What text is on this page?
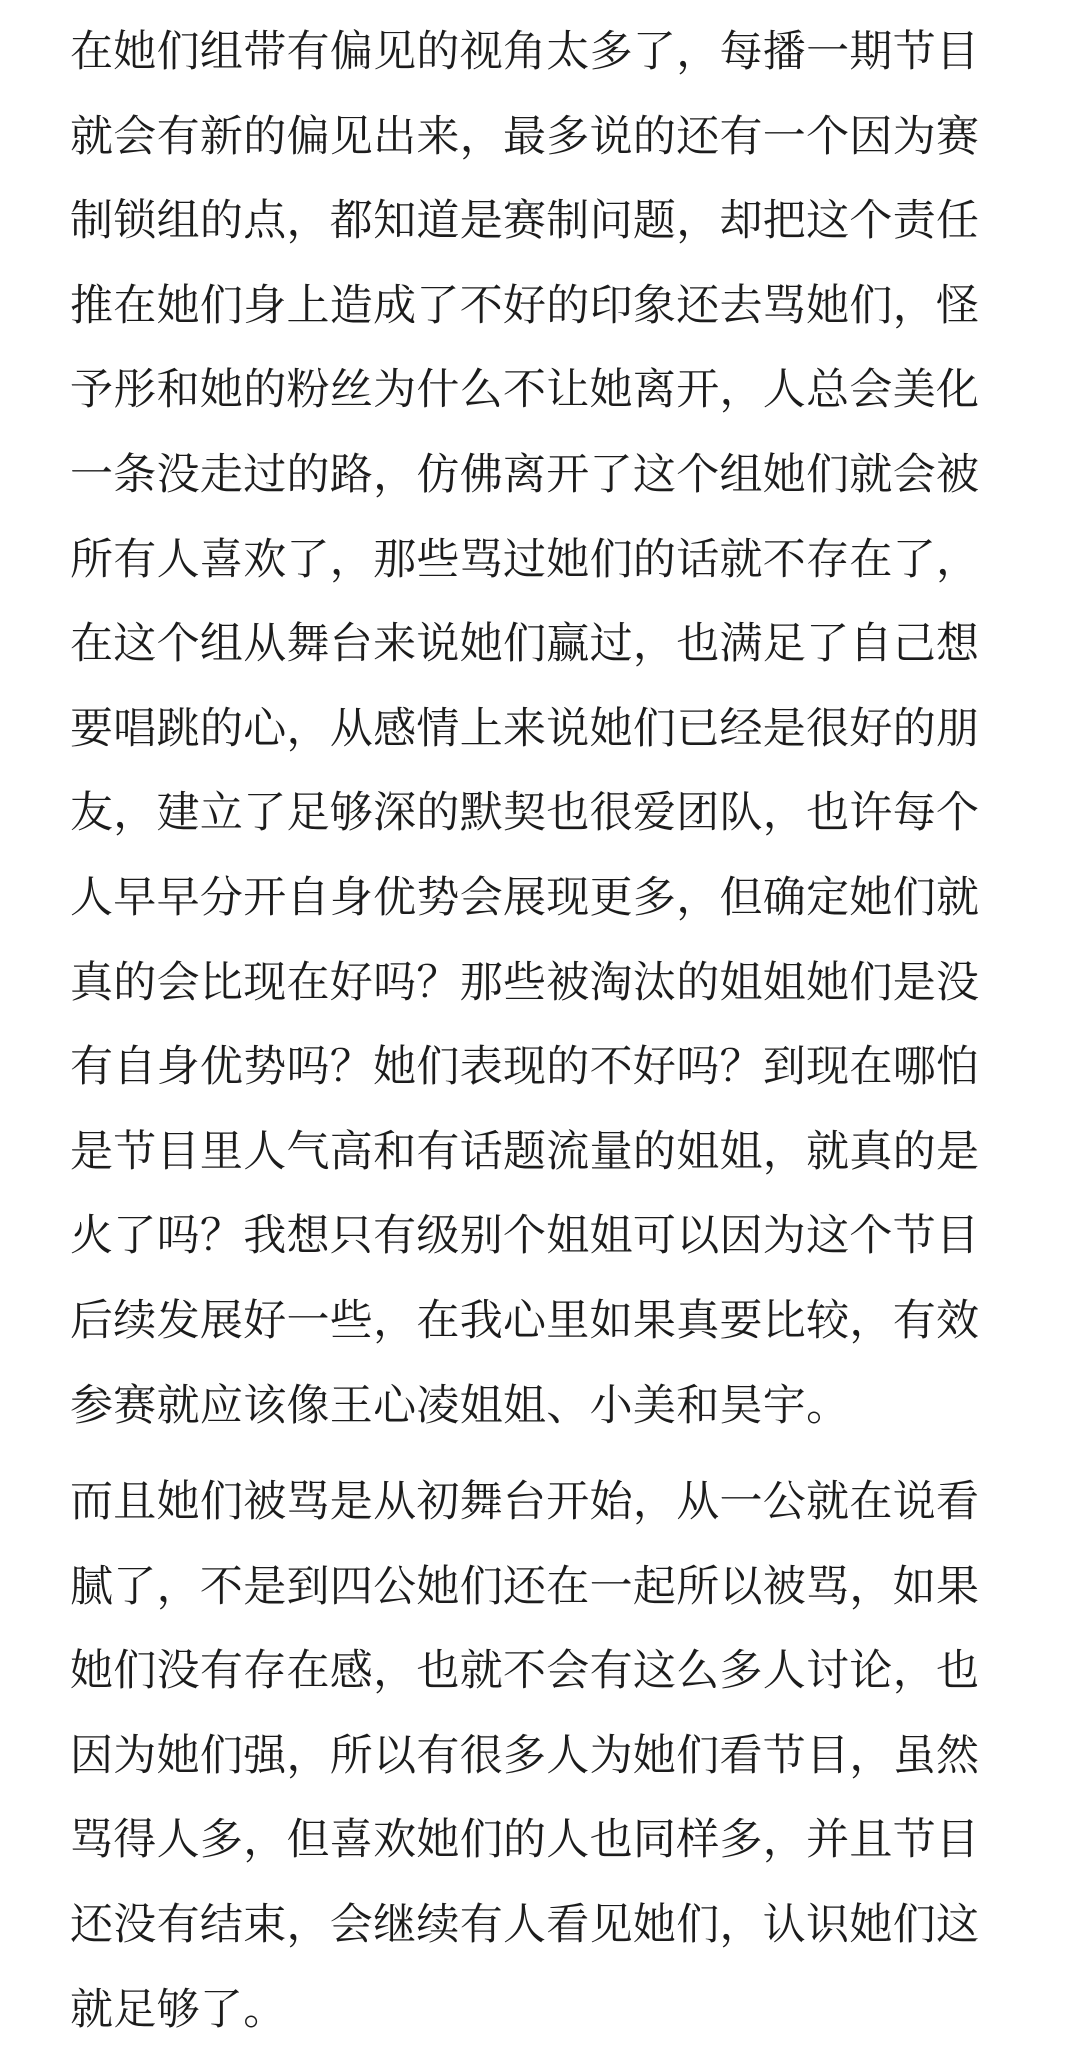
在她们组带有偏见的视角太多了，每播一期节目
就会有新的偏见出来，最多说的还有一个因为赛
制锁组的点，都知道是赛制问题，却把这个责任
推在她们身上造成了不好的印象还去骂她们，怪
予彤和她的粉丝为什么不让她离开，人总会美化
一条没走过的路，仿佛离开了这个组她们就会被
所有人喜欢了，那些骂过她们的话就不存在了，
在这个组从舞台来说她们赢过，也满足了自己想
要唱跳的心，从感情上来说她们已经是很好的朋
友，建立了足够深的默契也很爱团队，也许每个
人早早分开自身优势会展现更多，但确定她们就
真的会比现在好吗？那些被淘汰的姐姐她们是没
有自身优势吗？她们表现的不好吗？到现在哪怕
是节目里人气高和有话题流量的姐姐，就真的是
火了吗？我想只有级别个姐姐可以因为这个节目
后续发展好一些，在我心里如果真要比较，有效
参赛就应该像王心凌姐姐、小美和昊宇。
而且她们被骂是从初舞台开始，从一公就在说看
腻了，不是到四公她们还在一起所以被骂，如果
她们没有存在感，也就不会有这么多人讨论，也
因为她们强，所以有很多人为她们看节目，虽然
骂得人多，但喜欢她们的人也同样多，并且节目
还没有结束，会继续有人看见她们，认识她们这
就足够了。
